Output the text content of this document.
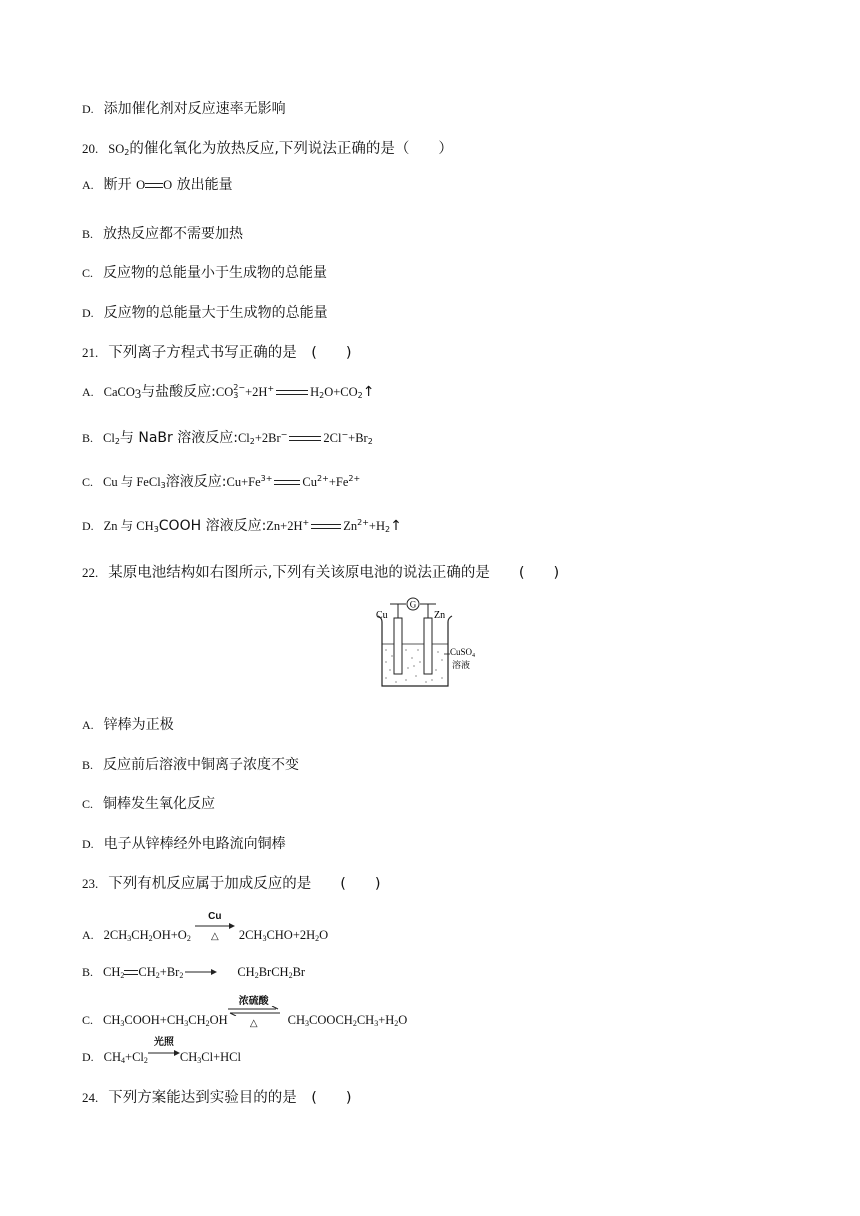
D. 添加催化剂对反应速率无影响
20. $SO_2$的催化氧化为放热反应,下列说法正确的是（　　）
A. 断开 O O 放出能量
B. 放热反应都不需要加热
C. 反应物的总能量小于生成物的总能量
D. 反应物的总能量大于生成物的总能量
21. 下列离子方程式书写正确的是　(　　)
A. CaCO$_3$与盐酸反应:CO 2−
3 +2H+	$H_2O+CO_2↑$
B. $Cl_2$与 NaBr 溶液反应$:Cl_2+2Br^-$	$2Cl^-+Br_2$
C. Cu 与 FeCl$_3$溶液反应$:Cu+Fe^{3+}$ $Cu^{2+}+Fe^{2+}$
D. Zn 与 $CH_3COOH$ 溶液反应:Zn+2H+	$Zn^{2+}+H_2↑$
22. 某原电池结构如右图所示,下列有关该原电池的说法正确的是　　(　　)
G
Cu	Zn
CuSO$_4$
溶液
A. 锌棒为正极
B. 反应前后溶液中铜离子浓度不变
C. 铜棒发生氧化反应
D. 电子从锌棒经外电路流向铜棒
23. 下列有机反应属于加成反应的是　　(　　)
A. $2CH_3CH_2OH+O_2$
Cu
△	$2CH_3CHO+2H_2O$
B. $CH_2$ $CH_2+Br_2$ → $CH_2BrCH_2Br$
C. $CH_3COOH+CH_3CH_2OH$
浓硫酸
△	$CH_3COOCH_2CH_3+H_2O$
D. $CH_4+Cl_2$
光照
$CH_3Cl+HCl$
24. 下列方案能达到实验目的的是　(　　)
